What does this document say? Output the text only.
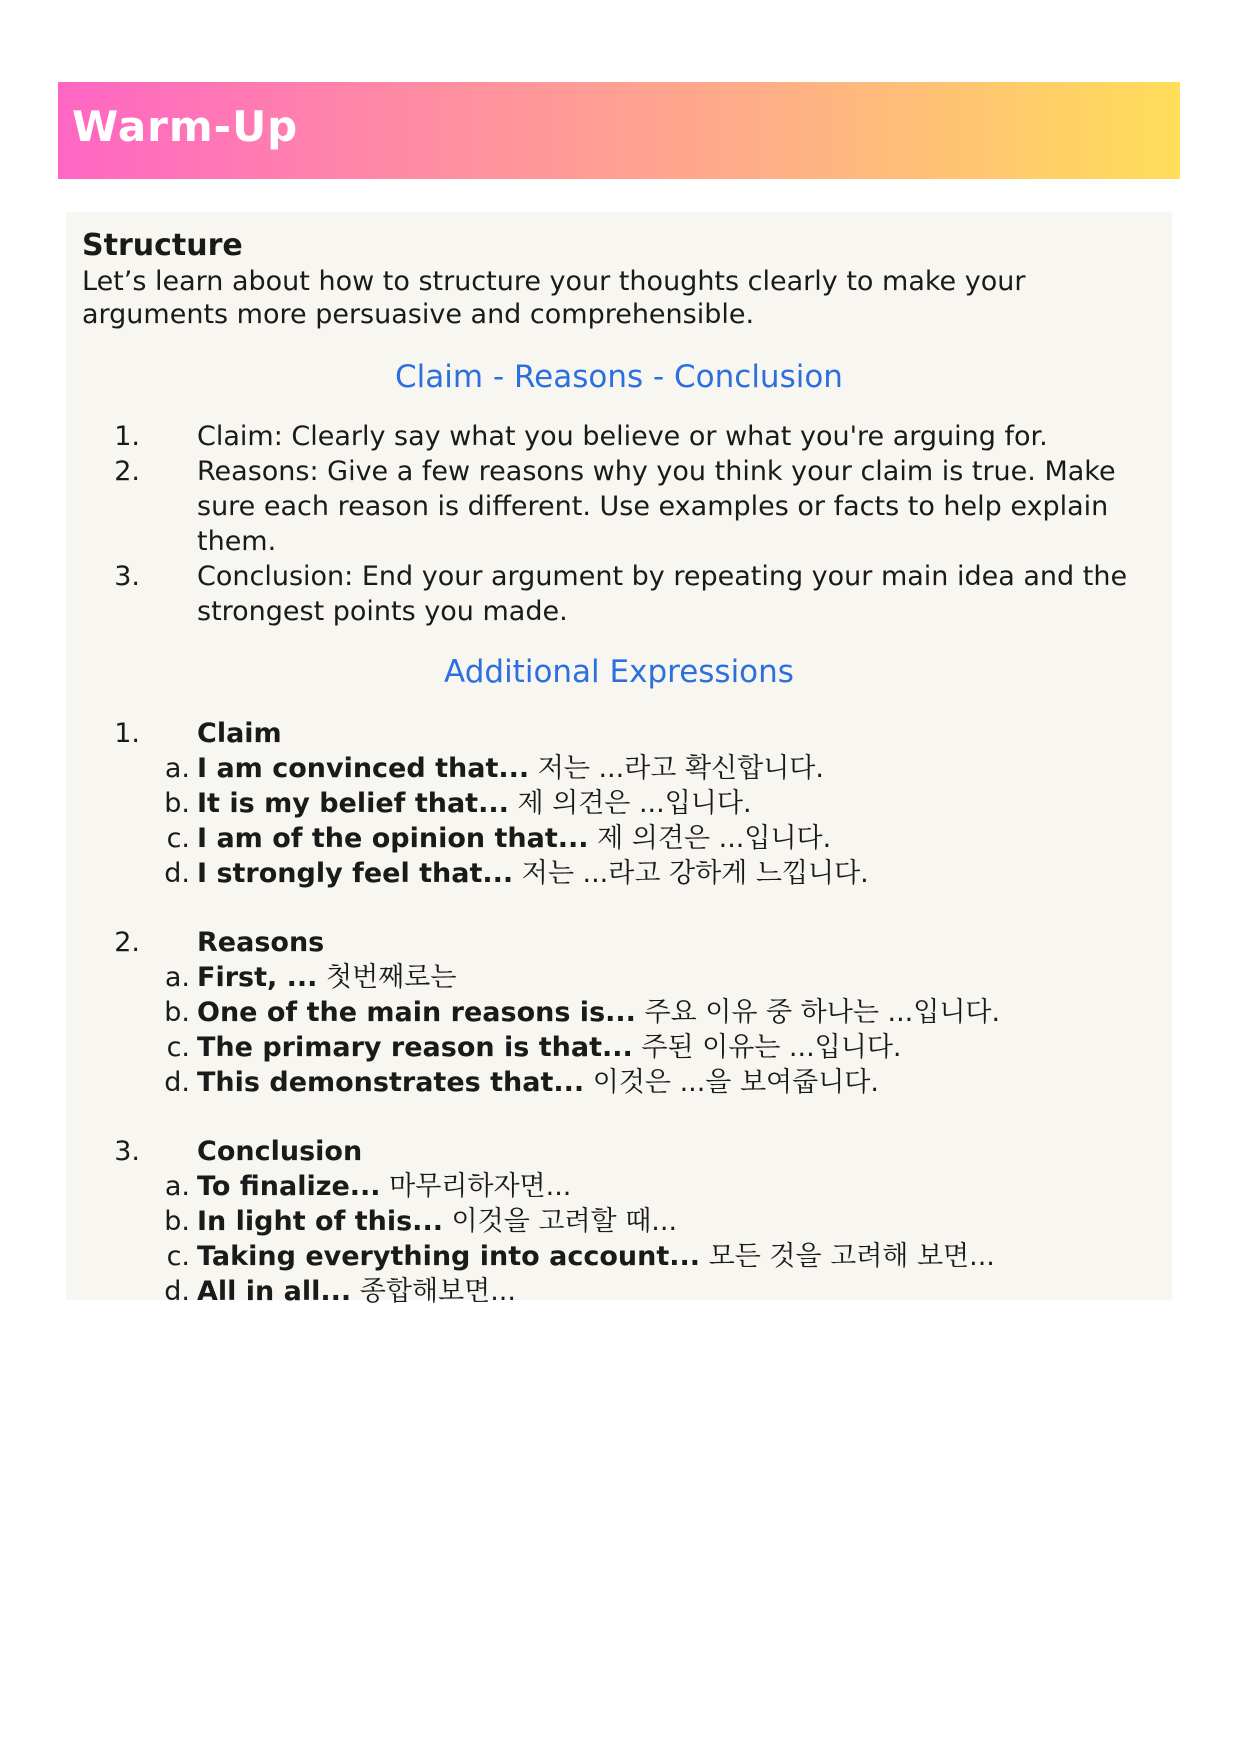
Warm-Up
Structure

Let’s learn about how to structure your thoughts clearly to make your arguments more persuasive and comprehensible.

Claim - Reasons - Conclusion
1. Claim: Clearly say what you believe or what you're arguing for.
2. Reasons: Give a few reasons why you think your claim is true. Make sure each reason is different. Use examples or facts to help explain them.
3. Conclusion: End your argument by repeating your main idea and the strongest points you made.
Additional Expressions
1. Claim
a. I am convinced that... 저는 ...라고 확신합니다.
b. It is my belief that... 제 의견은 ...입니다.
c. I am of the opinion that... 제 의견은 ...입니다.
d. I strongly feel that... 저는 ...라고 강하게 느낍니다.
2. Reasons
a. First, ... 첫번째로는
b. One of the main reasons is... 주요 이유 중 하나는 ...입니다.
c. The primary reason is that... 주된 이유는 ...입니다.
d. This demonstrates that... 이것은 ...을 보여줍니다.
3. Conclusion
a. To finalize... 마무리하자면...
b. In light of this... 이것을 고려할 때...
c. Taking everything into account... 모든 것을 고려해 보면...
d. All in all... 종합해보면...
